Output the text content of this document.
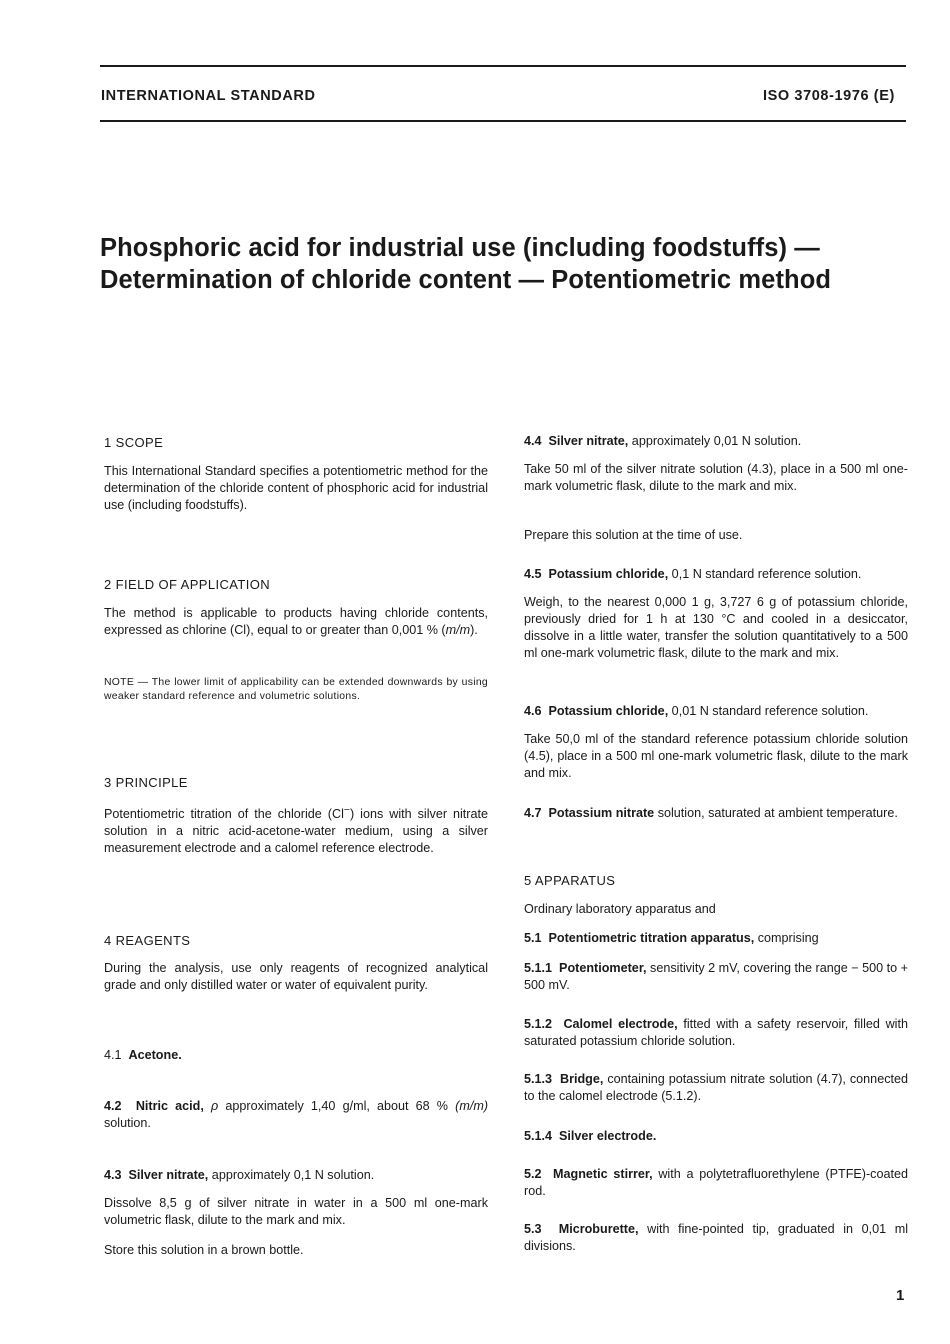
INTERNATIONAL STANDARD	ISO 3708-1976 (E)
Phosphoric acid for industrial use (including foodstuffs) —
Determination of chloride content — Potentiometric method
1 SCOPE

This International Standard specifies a potentiometric method for the determination of the chloride content of phosphoric acid for industrial use (including foodstuffs).

2 FIELD OF APPLICATION

The method is applicable to products having chloride contents, expressed as chlorine (Cl), equal to or greater than 0,001 % (m/m).

NOTE — The lower limit of applicability can be extended downwards by using weaker standard reference and volumetric solutions.

3 PRINCIPLE

Potentiometric titration of the chloride (Cl−) ions with silver nitrate solution in a nitric acid-acetone-water medium, using a silver measurement electrode and a calomel reference electrode.

4 REAGENTS

During the analysis, use only reagents of recognized analytical grade and only distilled water or water of equivalent purity.

4.1 Acetone.

4.2 Nitric acid, ρ approximately 1,40 g/ml, about 68 % (m/m) solution.

4.3 Silver nitrate, approximately 0,1 N solution.

Dissolve 8,5 g of silver nitrate in water in a 500 ml one-mark volumetric flask, dilute to the mark and mix.

Store this solution in a brown bottle.

4.4 Silver nitrate, approximately 0,01 N solution.

Take 50 ml of the silver nitrate solution (4.3), place in a 500 ml one-mark volumetric flask, dilute to the mark and mix.

Prepare this solution at the time of use.

4.5 Potassium chloride, 0,1 N standard reference solution.

Weigh, to the nearest 0,000 1 g, 3,727 6 g of potassium chloride, previously dried for 1 h at 130 °C and cooled in a desiccator, dissolve in a little water, transfer the solution quantitatively to a 500 ml one-mark volumetric flask, dilute to the mark and mix.

4.6 Potassium chloride, 0,01 N standard reference solution.

Take 50,0 ml of the standard reference potassium chloride solution (4.5), place in a 500 ml one-mark volumetric flask, dilute to the mark and mix.

4.7 Potassium nitrate solution, saturated at ambient temperature.

5 APPARATUS

Ordinary laboratory apparatus and

5.1 Potentiometric titration apparatus, comprising

5.1.1 Potentiometer, sensitivity 2 mV, covering the range − 500 to + 500 mV.

5.1.2 Calomel electrode, fitted with a safety reservoir, filled with saturated potassium chloride solution.

5.1.3 Bridge, containing potassium nitrate solution (4.7), connected to the calomel electrode (5.1.2).

5.1.4 Silver electrode.

5.2 Magnetic stirrer, with a polytetrafluorethylene (PTFE)-coated rod.

5.3 Microburette, with fine-pointed tip, graduated in 0,01 ml divisions.

1
